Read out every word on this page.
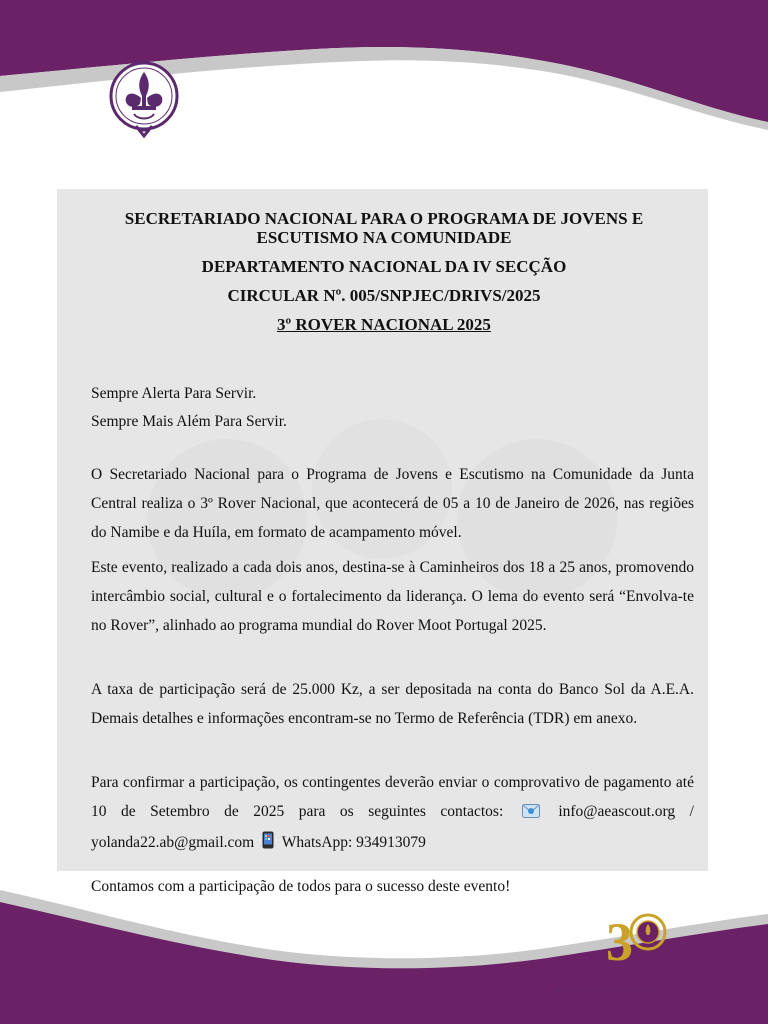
SECRETARIADO NACIONAL PARA O PROGRAMA DE JOVENS E ESCUTISMO NA COMUNIDADE
DEPARTAMENTO NACIONAL DA IV SECÇÃO
CIRCULAR Nº. 005/SNPJEC/DRIVS/2025
3º ROVER NACIONAL 2025
Sempre Alerta Para Servir.
Sempre Mais Além Para Servir.
O Secretariado Nacional para o Programa de Jovens e Escutismo na Comunidade da Junta Central realiza o 3º Rover Nacional, que acontecerá de 05 a 10 de Janeiro de 2026, nas regiões do Namibe e da Huíla, em formato de acampamento móvel.
Este evento, realizado a cada dois anos, destina-se à Caminheiros dos 18 a 25 anos, promovendo intercâmbio social, cultural e o fortalecimento da liderança. O lema do evento será “Envolva-te no Rover”, alinhado ao programa mundial do Rover Moot Portugal 2025.
A taxa de participação será de 25.000 Kz, a ser depositada na conta do Banco Sol da A.E.A. Demais detalhes e informações encontram-se no Termo de Referência (TDR) em anexo.
Para confirmar a participação, os contingentes deverão enviar o comprovativo de pagamento até 10 de Setembro de 2025 para os seguintes contactos:	info@aeascout.org / yolanda22.ab@gmail.com WhatsApp: 934913079
Contamos com a participação de todos para o sucesso deste evento!
3
